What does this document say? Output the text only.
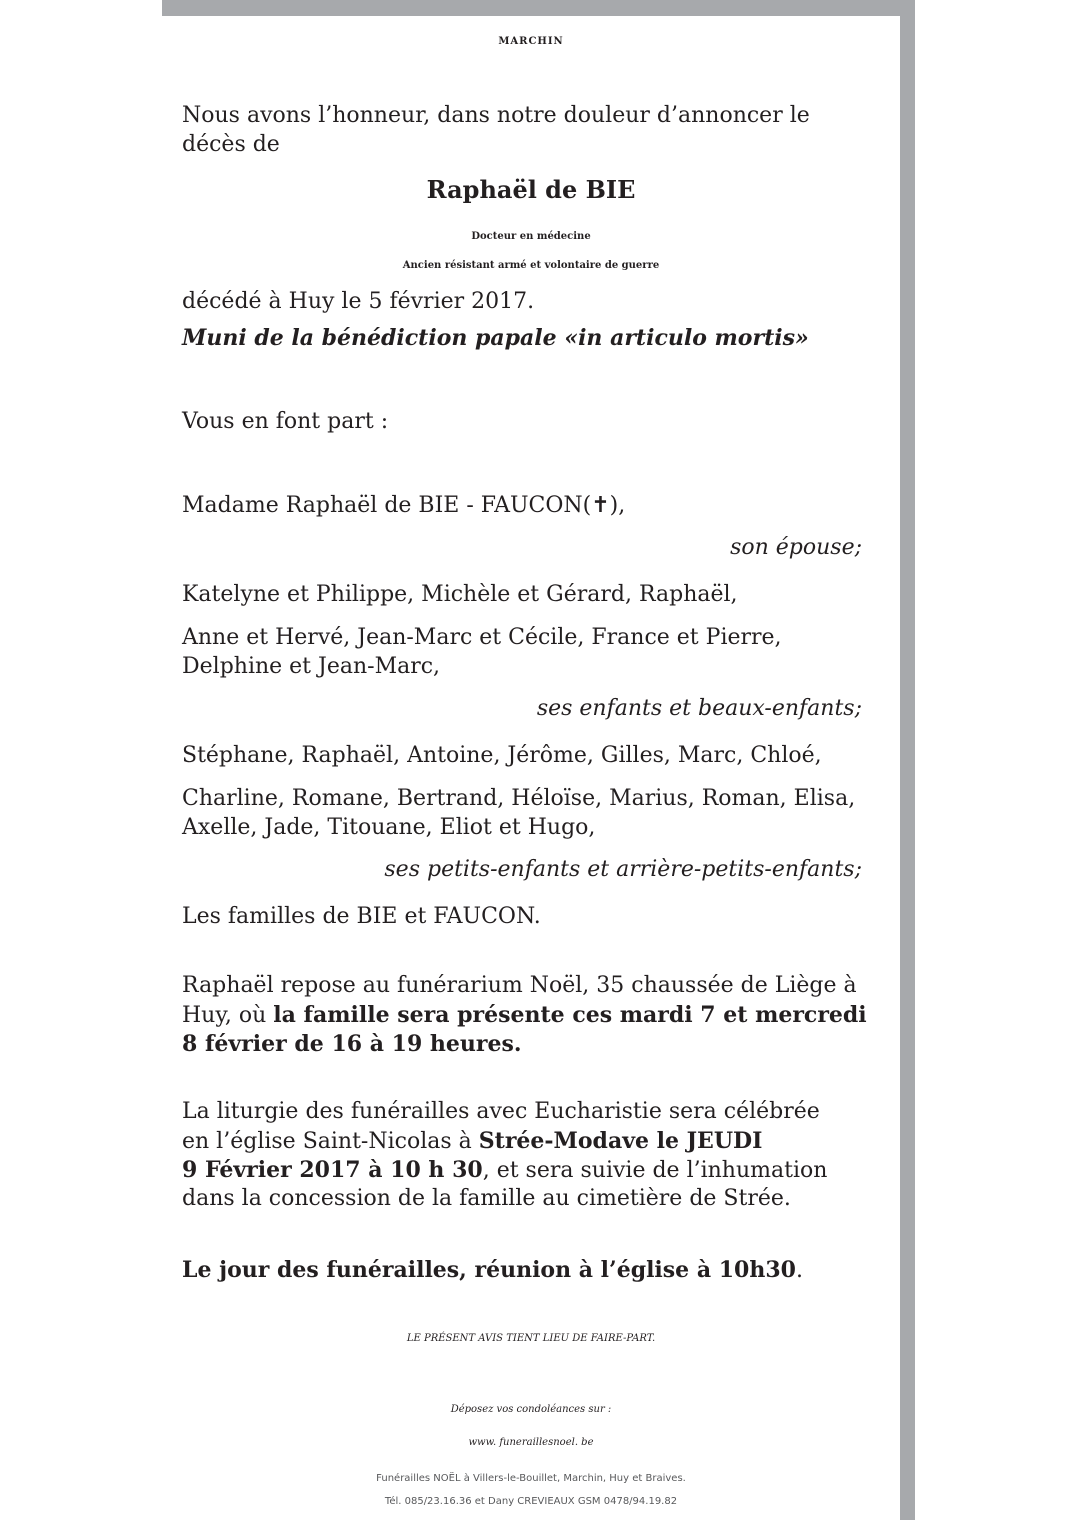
MARCHIN
Nous avons l’honneur, dans notre douleur d’annoncer le
décès de
Raphaël de BIE
Docteur en médecine
Ancien résistant armé et volontaire de guerre
décédé à Huy le 5 février 2017.
Muni de la bénédiction papale «in articulo mortis»
Vous en font part :
Madame Raphaël de BIE - FAUCON(✝),
son épouse;
Katelyne et Philippe, Michèle et Gérard, Raphaël,
Anne et Hervé, Jean-Marc et Cécile, France et Pierre,
Delphine et Jean-Marc,
ses enfants et beaux-enfants;
Stéphane, Raphaël, Antoine, Jérôme, Gilles, Marc, Chloé,
Charline, Romane, Bertrand, Héloïse, Marius, Roman, Elisa,
Axelle, Jade, Titouane, Eliot et Hugo,
ses petits-enfants et arrière-petits-enfants;
Les familles de BIE et FAUCON.
Raphaël repose au funérarium Noël, 35 chaussée de Liège à
Huy, où la famille sera présente ces mardi 7 et mercredi
8 février de 16 à 19 heures.
La liturgie des funérailles avec Eucharistie sera célébrée
en l’église Saint-Nicolas à Strée-Modave le JEUDI
9 Février 2017 à 10 h 30, et sera suivie de l’inhumation
dans la concession de la famille au cimetière de Strée.
Le jour des funérailles, réunion à l’église à 10h30.
LE PRÉSENT AVIS TIENT LIEU DE FAIRE-PART.
Déposez vos condoléances sur :
www. funeraillesnoel. be
Funérailles NOËL à Villers-le-Bouillet, Marchin, Huy et Braives.
Tél. 085/23.16.36 et Dany CREVIEAUX GSM 0478/94.19.82
